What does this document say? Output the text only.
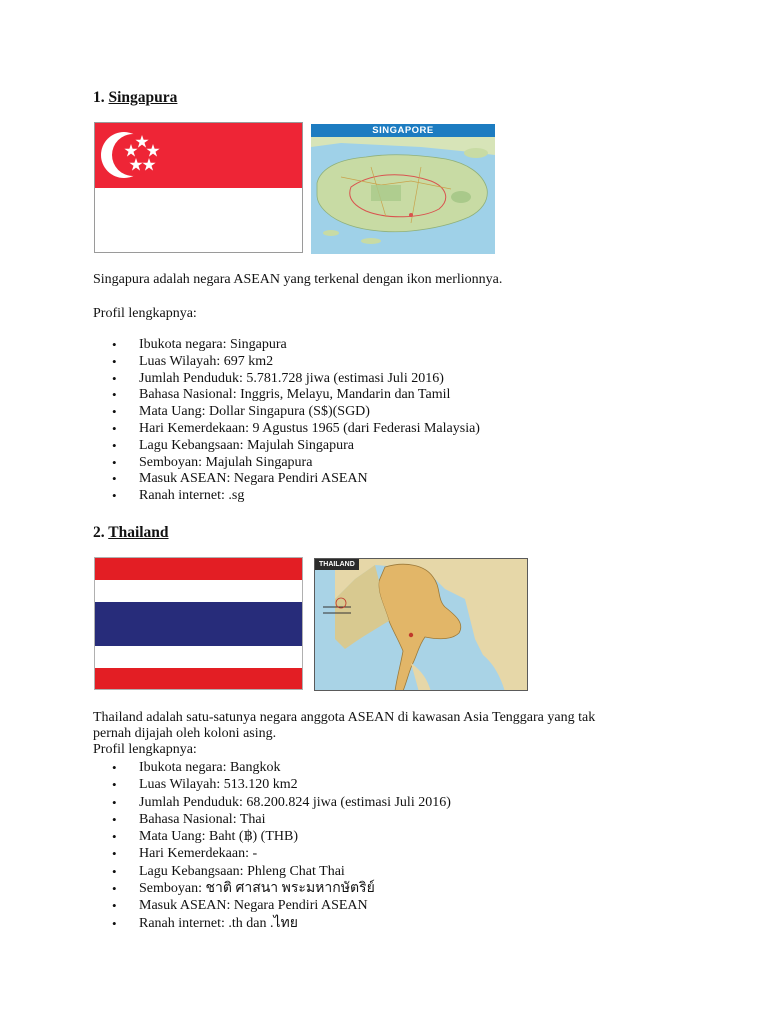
1. Singapura
SINGAPORE

Singapura adalah negara ASEAN yang terkenal dengan ikon merlionnya.

Profil lengkapnya:

• Ibukota negara: Singapura
• Luas Wilayah: 697 km2
• Jumlah Penduduk: 5.781.728 jiwa (estimasi Juli 2016)
• Bahasa Nasional: Inggris, Melayu, Mandarin dan Tamil
• Mata Uang: Dollar Singapura (S$)(SGD)
• Hari Kemerdekaan: 9 Agustus 1965 (dari Federasi Malaysia)
• Lagu Kebangsaan: Majulah Singapura
• Semboyan: Majulah Singapura
• Masuk ASEAN: Negara Pendiri ASEAN
• Ranah internet: .sg
2. Thailand
THAILAND

Thailand adalah satu-satunya negara anggota ASEAN di kawasan Asia Tenggara yang tak

pernah dijajah oleh koloni asing.

Profil lengkapnya:

• Ibukota negara: Bangkok
• Luas Wilayah: 513.120 km2
• Jumlah Penduduk: 68.200.824 jiwa (estimasi Juli 2016)
• Bahasa Nasional: Thai
• Mata Uang: Baht (฿) (THB)
• Hari Kemerdekaan: -
• Lagu Kebangsaan: Phleng Chat Thai
• Semboyan: ชาติ ศาสนา พระมหากษัตริย์
• Masuk ASEAN: Negara Pendiri ASEAN
• Ranah internet: .th dan .ไทย
